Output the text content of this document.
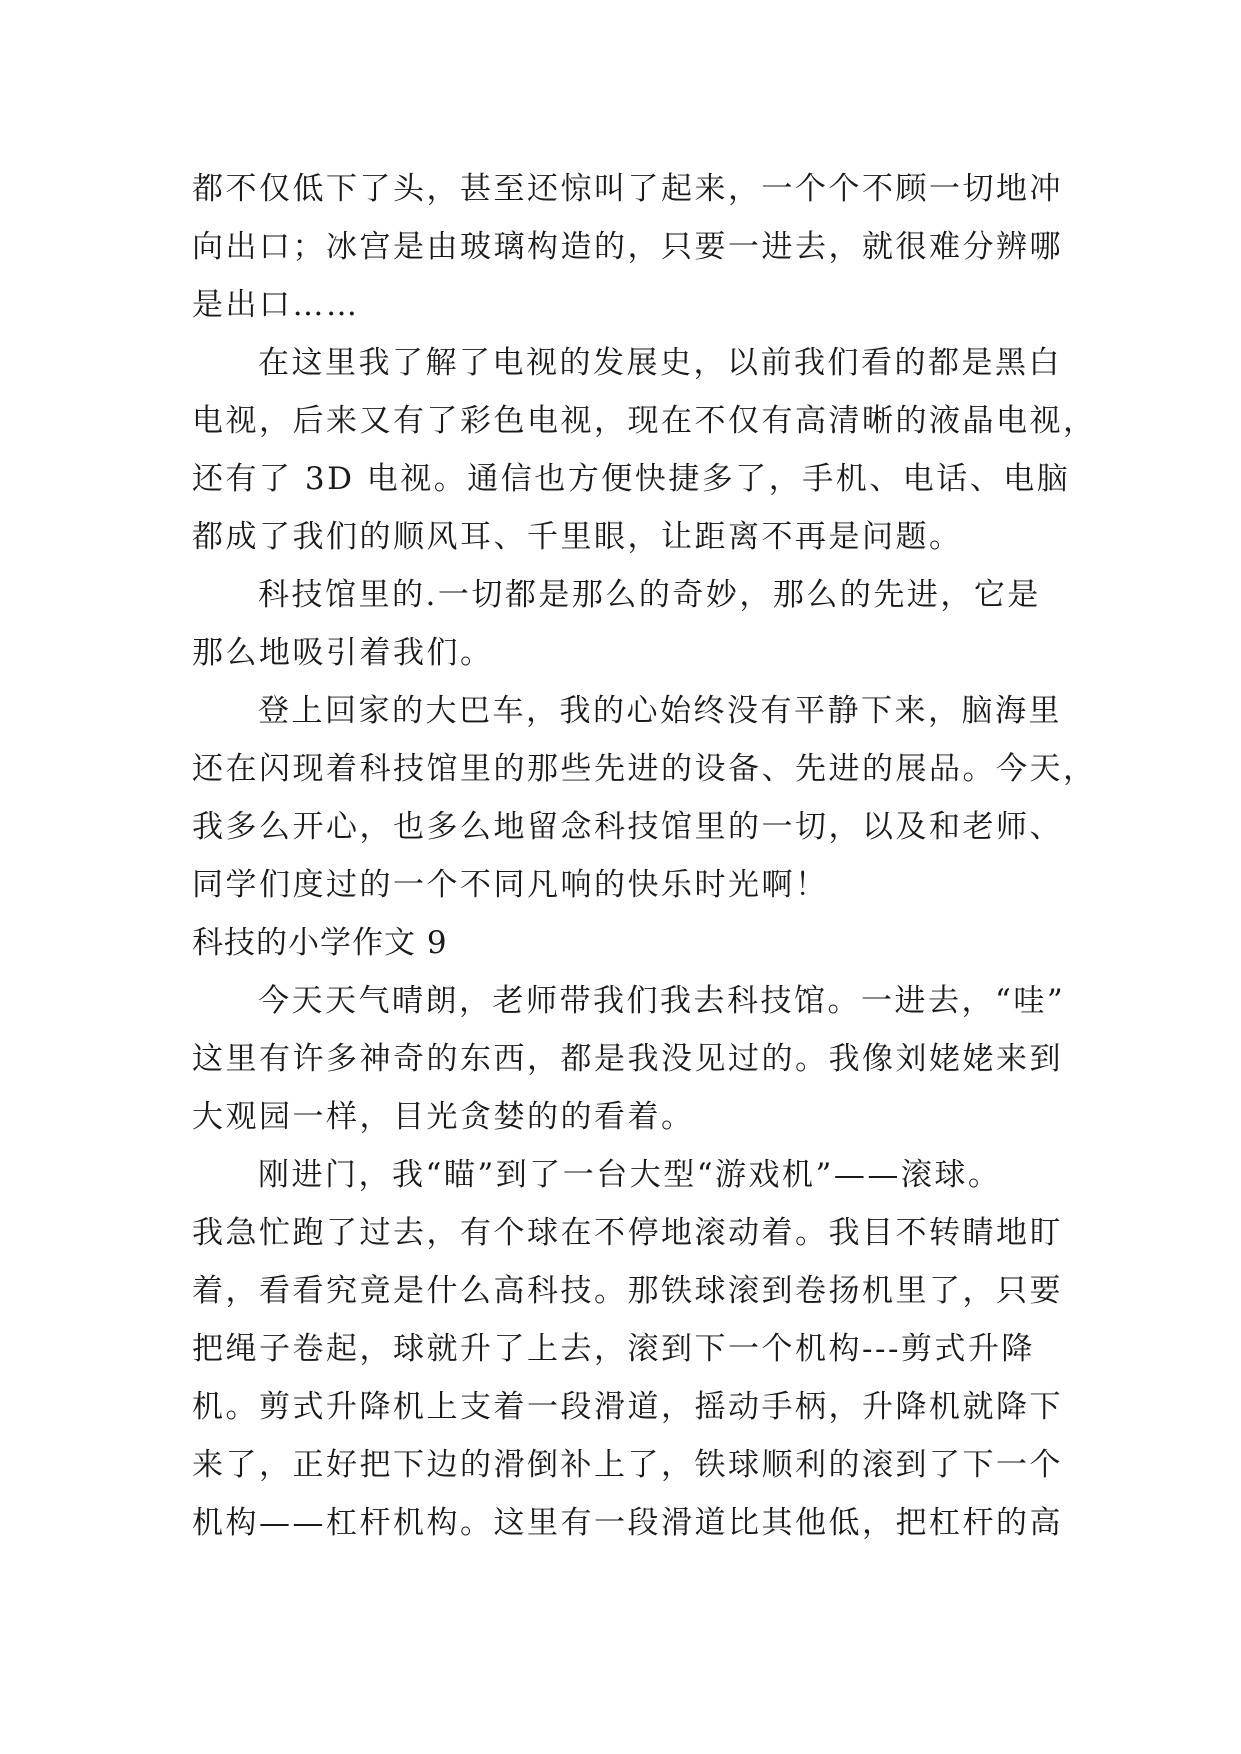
都不仅低下了头，甚至还惊叫了起来，一个个不顾一切地冲
向出口；冰宫是由玻璃构造的，只要一进去，就很难分辨哪
是出口……
在这里我了解了电视的发展史，以前我们看的都是黑白
电视，后来又有了彩色电视，现在不仅有高清晰的液晶电视，
还有了 3D 电视。通信也方便快捷多了，手机、电话、电脑
都成了我们的顺风耳、千里眼，让距离不再是问题。
科技馆里的.一切都是那么的奇妙，那么的先进，它是
那么地吸引着我们。
登上回家的大巴车，我的心始终没有平静下来，脑海里
还在闪现着科技馆里的那些先进的设备、先进的展品。今天，
我多么开心，也多么地留念科技馆里的一切，以及和老师、
同学们度过的一个不同凡响的快乐时光啊！
科技的小学作文 9
今天天气晴朗，老师带我们我去科技馆。一进去，“哇”
这里有许多神奇的东西，都是我没见过的。我像刘姥姥来到
大观园一样，目光贪婪的的看着。
刚进门，我“瞄”到了一台大型“游戏机”——滚球。
我急忙跑了过去，有个球在不停地滚动着。我目不转睛地盯
着，看看究竟是什么高科技。那铁球滚到卷扬机里了，只要
把绳子卷起，球就升了上去，滚到下一个机构---剪式升降
机。剪式升降机上支着一段滑道，摇动手柄，升降机就降下
来了，正好把下边的滑倒补上了，铁球顺利的滚到了下一个
机构——杠杆机构。这里有一段滑道比其他低，把杠杆的高
